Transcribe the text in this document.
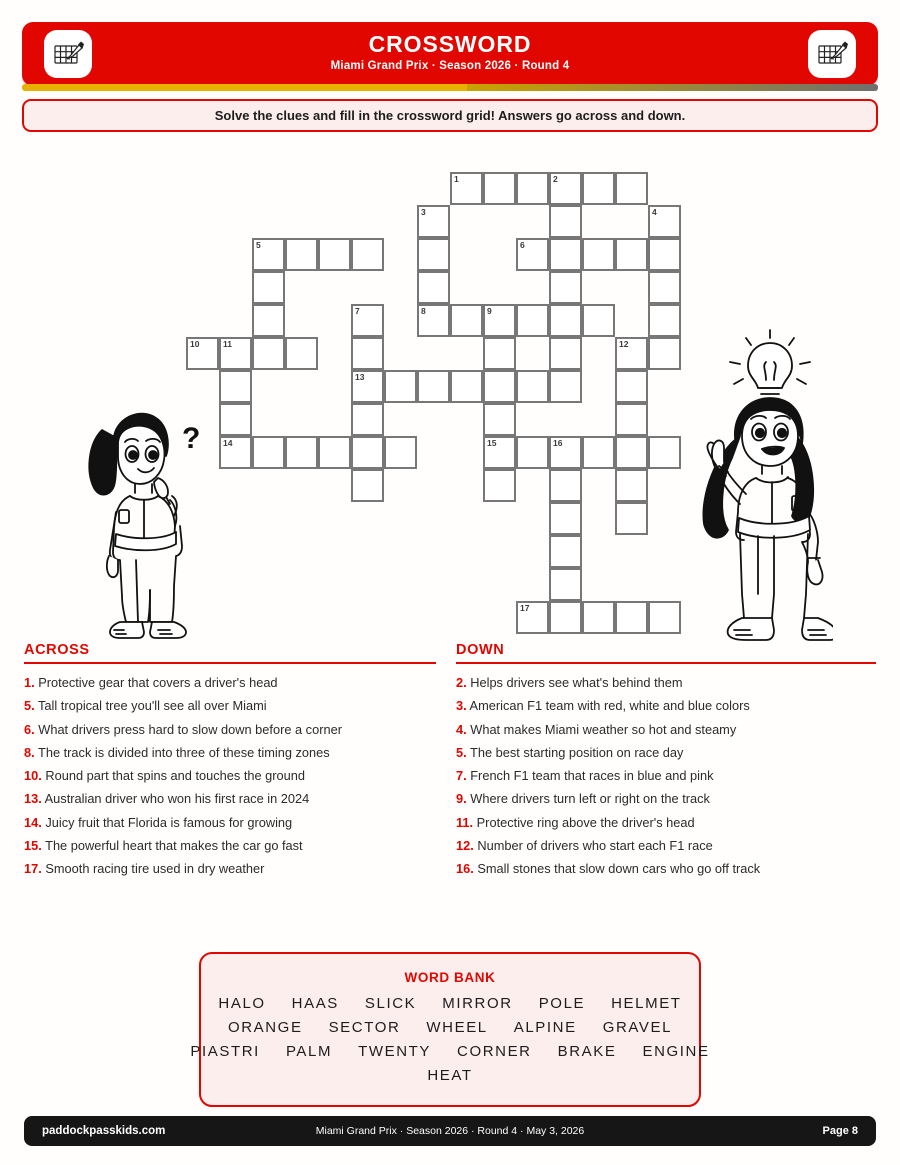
CROSSWORD
Miami Grand Prix · Season 2026 · Round 4
Solve the clues and fill in the crossword grid! Answers go across and down.
1	2
3	4
5	6
7	8	9
10	11	12
13
14	15	16
17
?
ACROSS
1. Protective gear that covers a driver's head
5. Tall tropical tree you'll see all over Miami
6. What drivers press hard to slow down before a corner
8. The track is divided into three of these timing zones
10. Round part that spins and touches the ground
13. Australian driver who won his first race in 2024
14. Juicy fruit that Florida is famous for growing
15. The powerful heart that makes the car go fast
17. Smooth racing tire used in dry weather
DOWN
2. Helps drivers see what's behind them
3. American F1 team with red, white and blue colors
4. What makes Miami weather so hot and steamy
5. The best starting position on race day
7. French F1 team that races in blue and pink
9. Where drivers turn left or right on the track
11. Protective ring above the driver's head
12. Number of drivers who start each F1 race
16. Small stones that slow down cars who go off track
WORD BANK
HALO HAAS SLICK MIRROR POLE HELMET
ORANGE SECTOR WHEEL ALPINE GRAVEL
PIASTRI PALM TWENTY CORNER BRAKE ENGINE
HEAT
Miami Grand Prix · Season 2026 · Round 4 · May 3, 2026
paddockpasskids.com	Page 8
